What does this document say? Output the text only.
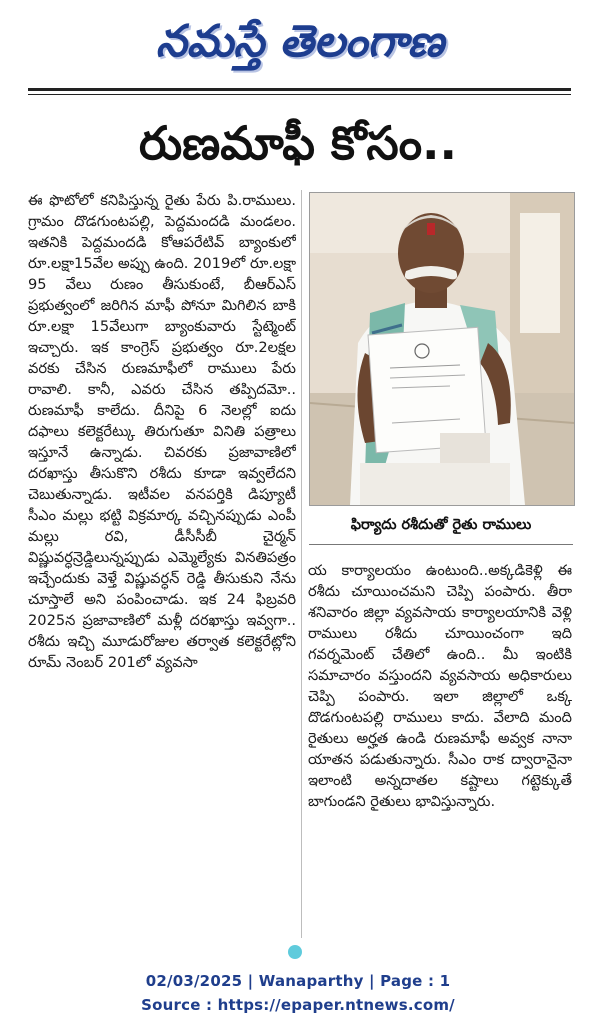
నమస్తే తెలంగాణ
రుణమాఫీ కోసం..

ఈ ఫొటోలో కనిపిస్తున్న రైతు పేరు పి.రాములు. గ్రామం దొడగుంటపల్లి, పెద్దమందడి మండలం. ఇతనికి పెద్దమందడి కోఆపరేటివ్ బ్యాంకులో రూ.లక్షా15వేల అప్పు ఉంది. 2019లో రూ.లక్షా 95 వేలు రుణం తీసుకుంటే, బీఆర్ఎస్ ప్రభుత్వంలో జరిగిన మాఫీ పోనూ మిగిలిన బాకి రూ.లక్షా 15వేలుగా బ్యాంకువారు స్టేట్మెంట్ ఇచ్చారు. ఇక కాంగ్రెస్ ప్రభుత్వం రూ.2లక్షల వరకు చేసిన రుణమాఫీలో రాములు పేరు రావాలి. కానీ, ఎవరు చేసిన తప్పిదమో.. రుణమాఫీ కాలేదు. దీనిపై 6 నెలల్లో ఐదు దఫాలు కలెక్టరేట్కు తిరుగుతూ వినితి పత్రాలు ఇస్తూనే ఉన్నాడు. చివరకు ప్రజావాణిలో దరఖాస్తు తీసుకొని రశీదు కూడా ఇవ్వలేదని చెబుతున్నాడు. ఇటీవల వనపర్తికి డిప్యూటీ సీఎం మల్లు భట్టి విక్రమార్క వచ్చినప్పుడు ఎంపీ మల్లు రవి, డీసీసీబీ చైర్మన్ విష్ణువర్ధన్రెడ్డిలున్నప్పుడు ఎమ్మెల్యేకు వినతిపత్రం ఇచ్చేందుకు వెళ్తే విష్ణువర్ధన్ రెడ్డి తీసుకుని నేను చూస్తాలే అని పంపించాడు. ఇక 24 ఫిబ్రవరి 2025న ప్రజావాణిలో మళ్లీ దరఖాస్తు ఇవ్వగా.. రశీదు ఇచ్చి మూడురోజుల తర్వాత కలెక్టరేట్లోని రూమ్ నెంబర్ 201లో వ్యవసా

ఫిర్యాదు రశీదుతో రైతు రాములు

య కార్యాలయం ఉంటుంది..అక్కడికెళ్లి ఈ రశీదు చూయించమని చెప్పి పంపారు. తీరా శనివారం జిల్లా వ్యవసాయ కార్యాలయానికి వెళ్లి రాములు రశీదు చూయించంగా ఇది గవర్నమెంట్ చేతిలో ఉంది.. మీ ఇంటికి సమాచారం వస్తుందని వ్యవసాయ అధికారులు చెప్పి పంపారు. ఇలా జిల్లాలో ఒక్క దొడగుంటపల్లి రాములు కాదు. వేలాది మంది రైతులు అర్హత ఉండి రుణమాఫీ అవ్వక నానా యాతన పడుతున్నారు. సీఎం రాక ద్వారానైనా ఇలాంటి అన్నదాతల కష్టాలు గట్టెక్కుతే బాగుండని రైతులు భావిస్తున్నారు.

02/03/2025 | Wanaparthy | Page : 1
Source : https://epaper.ntnews.com/
